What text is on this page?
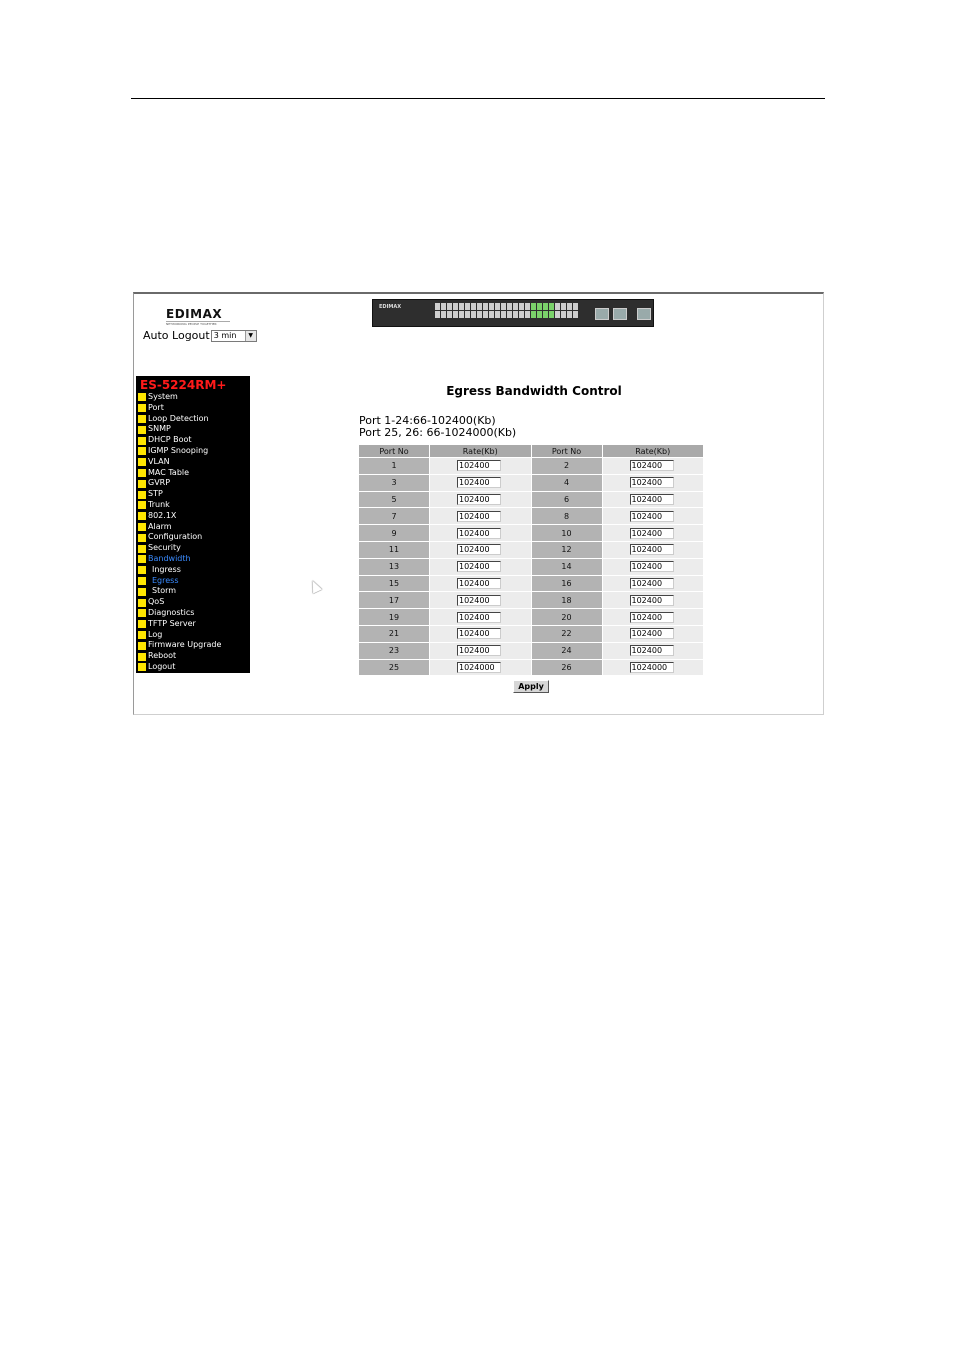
EDIMAX
NETWORKING PEOPLE TOGETHER
Auto Logout 3 min	▼
EDIMAX
ES-5224RM+
System
Port
Loop Detection
SNMP
DHCP Boot
IGMP Snooping
VLAN
MAC Table
GVRP
STP
Trunk
802.1X
Alarm
Configuration
Security
Bandwidth
Ingress
Egress
Storm
QoS
Diagnostics
TFTP Server
Log
Firmware Upgrade
Reboot
Logout
Egress Bandwidth Control
Port 1-24:66-102400(Kb)
Port 25, 26: 66-1024000(Kb)
Port No	Rate(Kb)	Port No	Rate(Kb)
1	102400	2	102400
3	102400	4	102400
5	102400	6	102400
7	102400	8	102400
9	102400	10	102400
11	102400	12	102400
13	102400	14	102400
15	102400	16	102400
17	102400	18	102400
19	102400	20	102400
21	102400	22	102400
23	102400	24	102400
25	1024000	26	1024000
Apply
